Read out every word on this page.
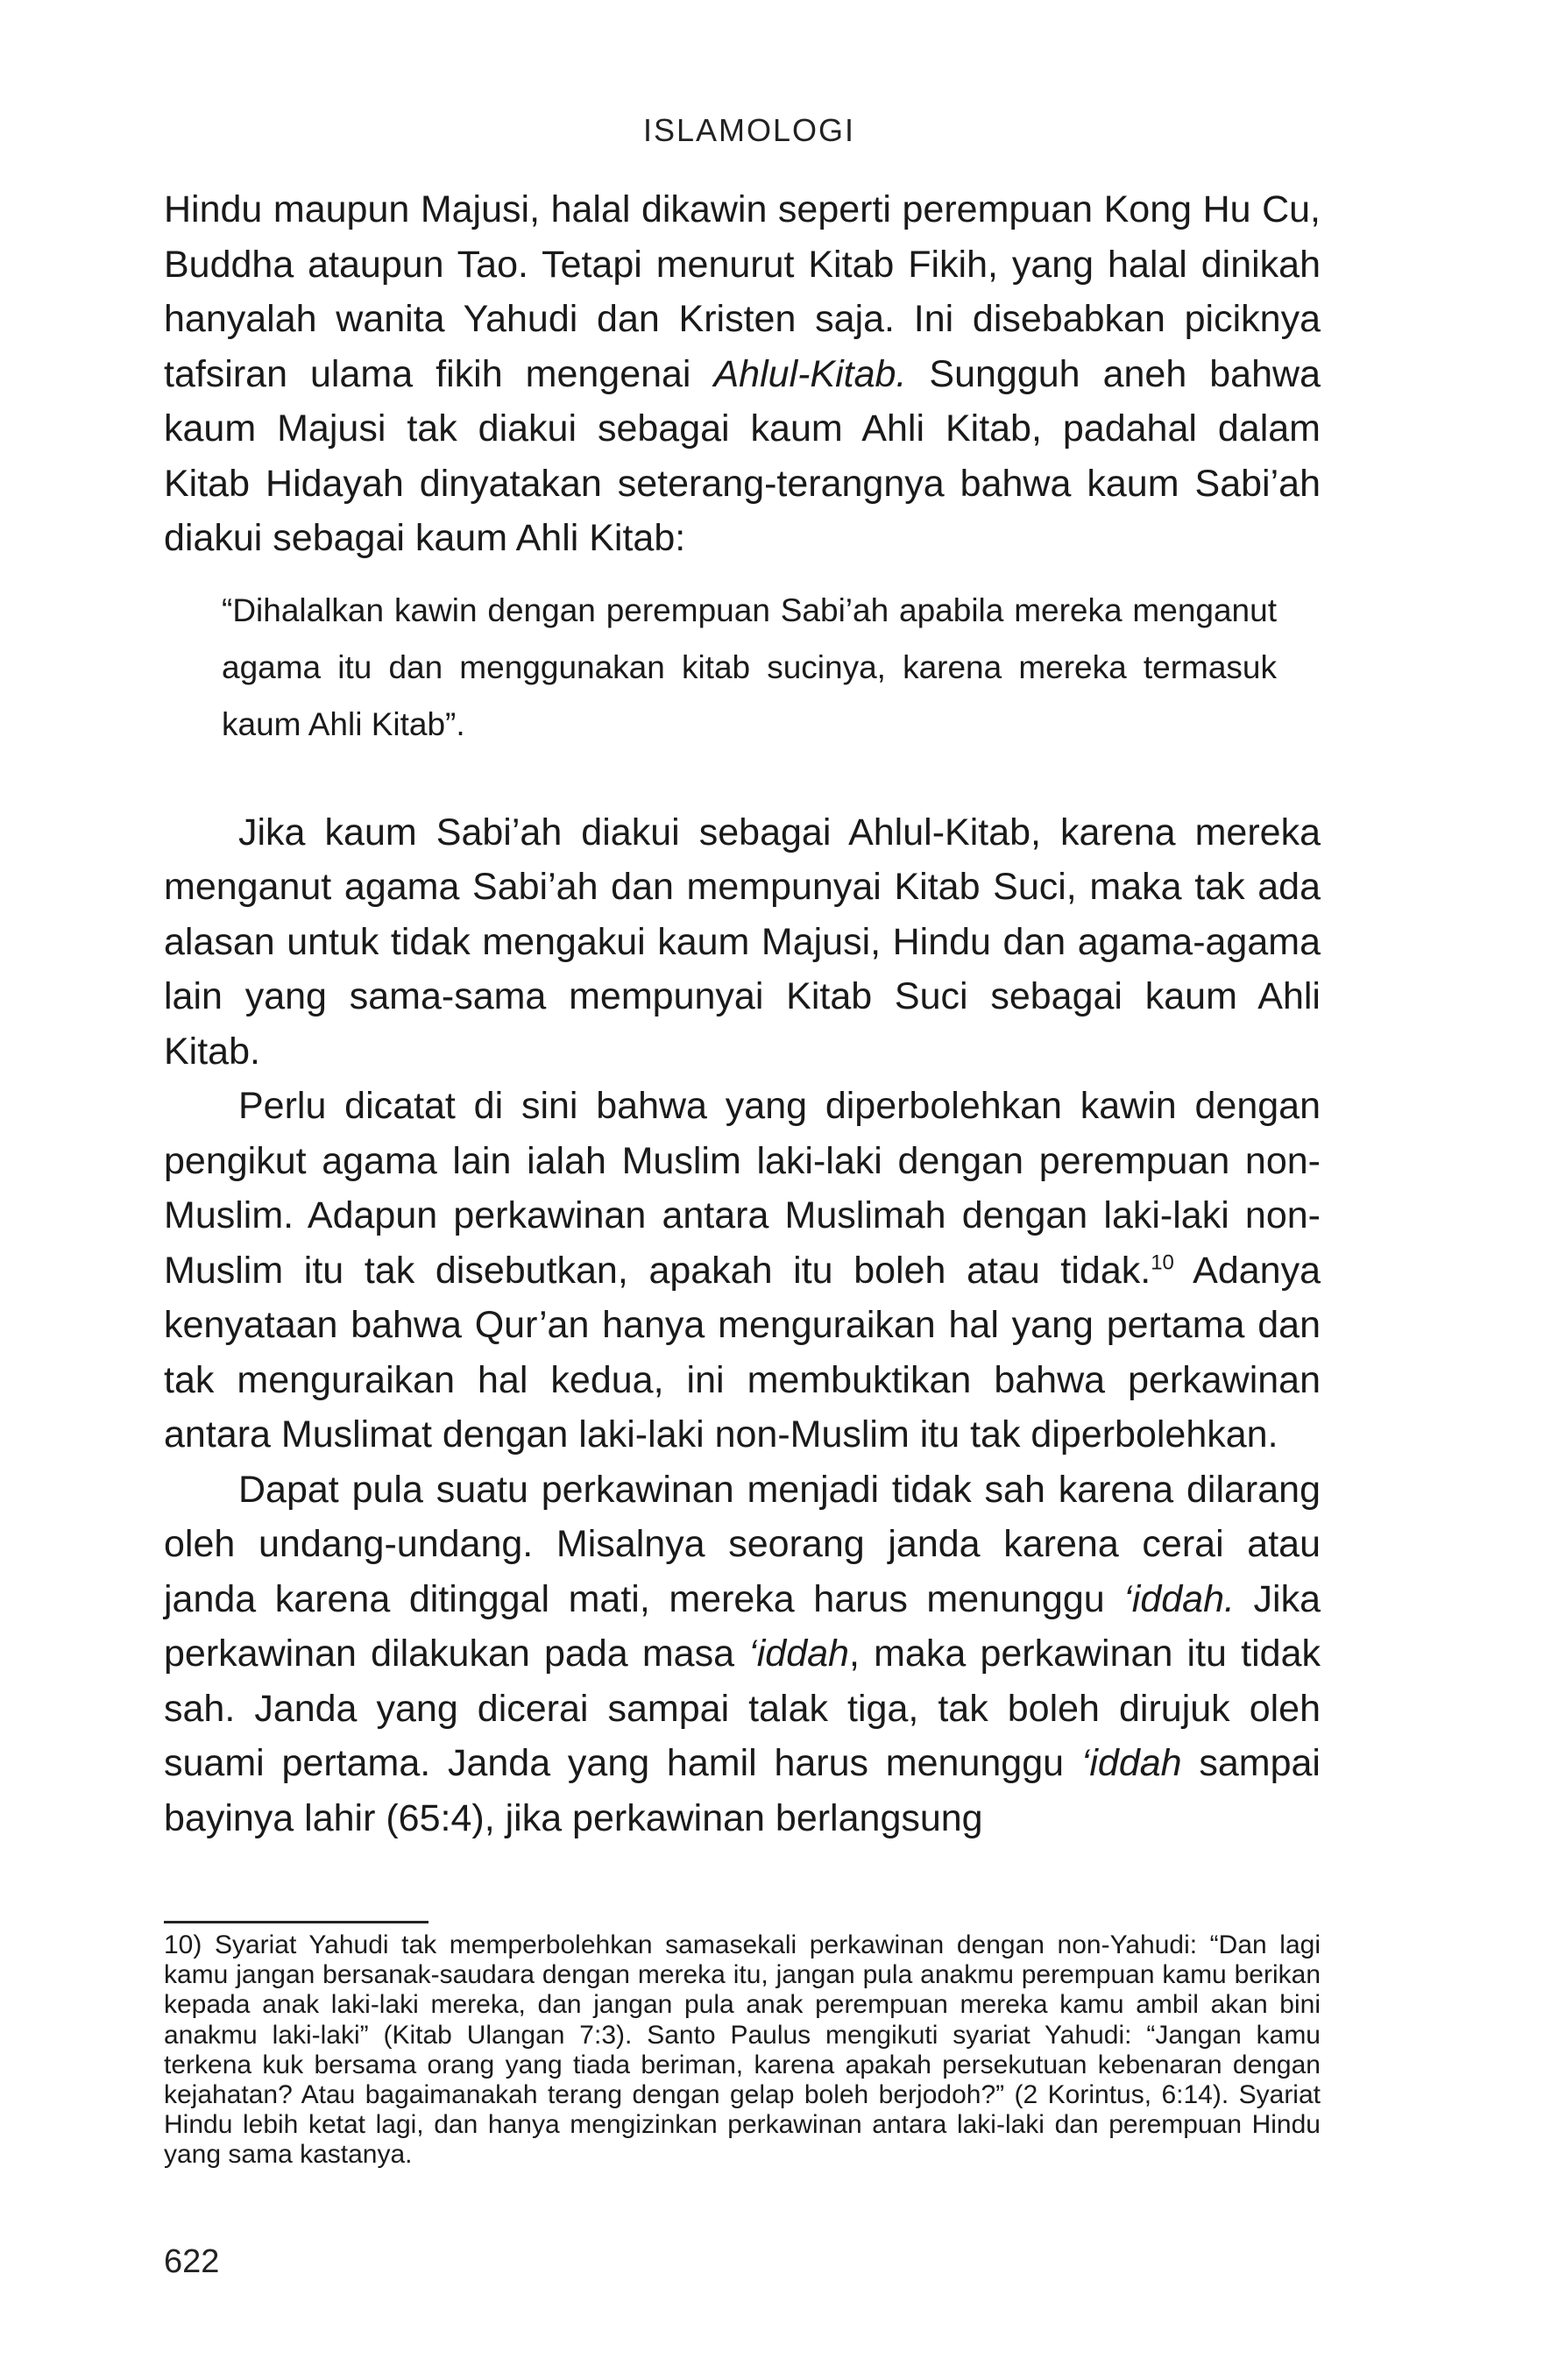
ISLAMOLOGI

Hindu maupun Majusi, halal dikawin seperti perempuan Kong Hu Cu, Buddha ataupun Tao. Tetapi menurut Kitab Fikih, yang halal dinikah hanyalah wanita Yahudi dan Kristen saja. Ini disebabkan piciknya tafsiran ulama fikih mengenai Ahlul-Kitab. Sungguh aneh bahwa kaum Majusi tak diakui sebagai kaum Ahli Kitab, padahal dalam Kitab Hidayah dinyatakan seterang-terangnya bahwa kaum Sabi’ah diakui sebagai kaum Ahli Kitab:

“Dihalalkan kawin dengan perempuan Sabi’ah apabila mereka menganut agama itu dan menggunakan kitab sucinya, karena mereka termasuk kaum Ahli Kitab”.

Jika kaum Sabi’ah diakui sebagai Ahlul-Kitab, karena mereka menganut agama Sabi’ah dan mempunyai Kitab Suci, maka tak ada alasan untuk tidak mengakui kaum Majusi, Hindu dan agama-agama lain yang sama-sama mempunyai Kitab Suci sebagai kaum Ahli Kitab.

Perlu dicatat di sini bahwa yang diperbolehkan kawin dengan pengikut agama lain ialah Muslim laki-laki dengan perempuan non-Muslim. Adapun perkawinan antara Muslimah dengan laki-laki non-Muslim itu tak disebutkan, apakah itu boleh atau tidak.$^{10}$ Adanya kenyataan bahwa Qur’an hanya menguraikan hal yang pertama dan tak menguraikan hal kedua, ini membuktikan bahwa perkawinan antara Muslimat dengan laki-laki non-Muslim itu tak diperbolehkan.

Dapat pula suatu perkawinan menjadi tidak sah karena dilarang oleh undang-undang. Misalnya seorang janda karena cerai atau janda karena ditinggal mati, mereka harus menunggu ‘iddah. Jika perkawinan dilakukan pada masa ‘iddah, maka perkawinan itu tidak sah. Janda yang dicerai sampai talak tiga, tak boleh dirujuk oleh suami pertama. Janda yang hamil harus menunggu ‘iddah sampai bayinya lahir (65:4), jika perkawinan berlangsung

10) Syariat Yahudi tak memperbolehkan samasekali perkawinan dengan non-Yahudi: “Dan lagi kamu jangan bersanak-saudara dengan mereka itu, jangan pula anakmu perempuan kamu berikan kepada anak laki-laki mereka, dan jangan pula anak perempuan mereka kamu ambil akan bini anakmu laki-laki” (Kitab Ulangan 7:3). Santo Paulus mengikuti syariat Yahudi: “Jangan kamu terkena kuk bersama orang yang tiada beriman, karena apakah persekutuan kebenaran dengan kejahatan? Atau bagaimanakah terang dengan gelap boleh berjodoh?” (2 Korintus, 6:14). Syariat Hindu lebih ketat lagi, dan hanya mengizinkan perkawinan antara laki-laki dan perempuan Hindu yang sama kastanya.

622
